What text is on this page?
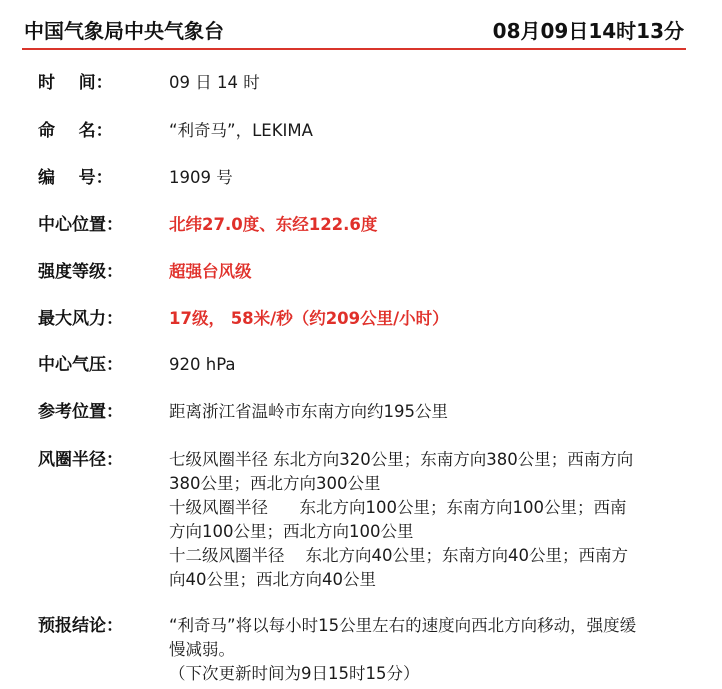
中国气象局中央气象台	08月09日14时13分
时    间：	09 日 14 时
命    名：	“利奇马”，LEKIMA
编    号：	1909 号
中心位置：	北纬27.0度、东经122.6度
强度等级：	超强台风级
最大风力：	17级， 58米/秒（约209公里/小时）
中心气压：	920 hPa
参考位置：	距离浙江省温岭市东南方向约195公里
风圈半径：	七级风圈半径 东北方向320公里；东南方向380公里；西南方向
380公里；西北方向300公里
十级风圈半径      东北方向100公里；东南方向100公里；西南
方向100公里；西北方向100公里
十二级风圈半径    东北方向40公里；东南方向40公里；西南方
向40公里；西北方向40公里
预报结论：	“利奇马”将以每小时15公里左右的速度向西北方向移动，强度缓
慢减弱。
（下次更新时间为9日15时15分）
